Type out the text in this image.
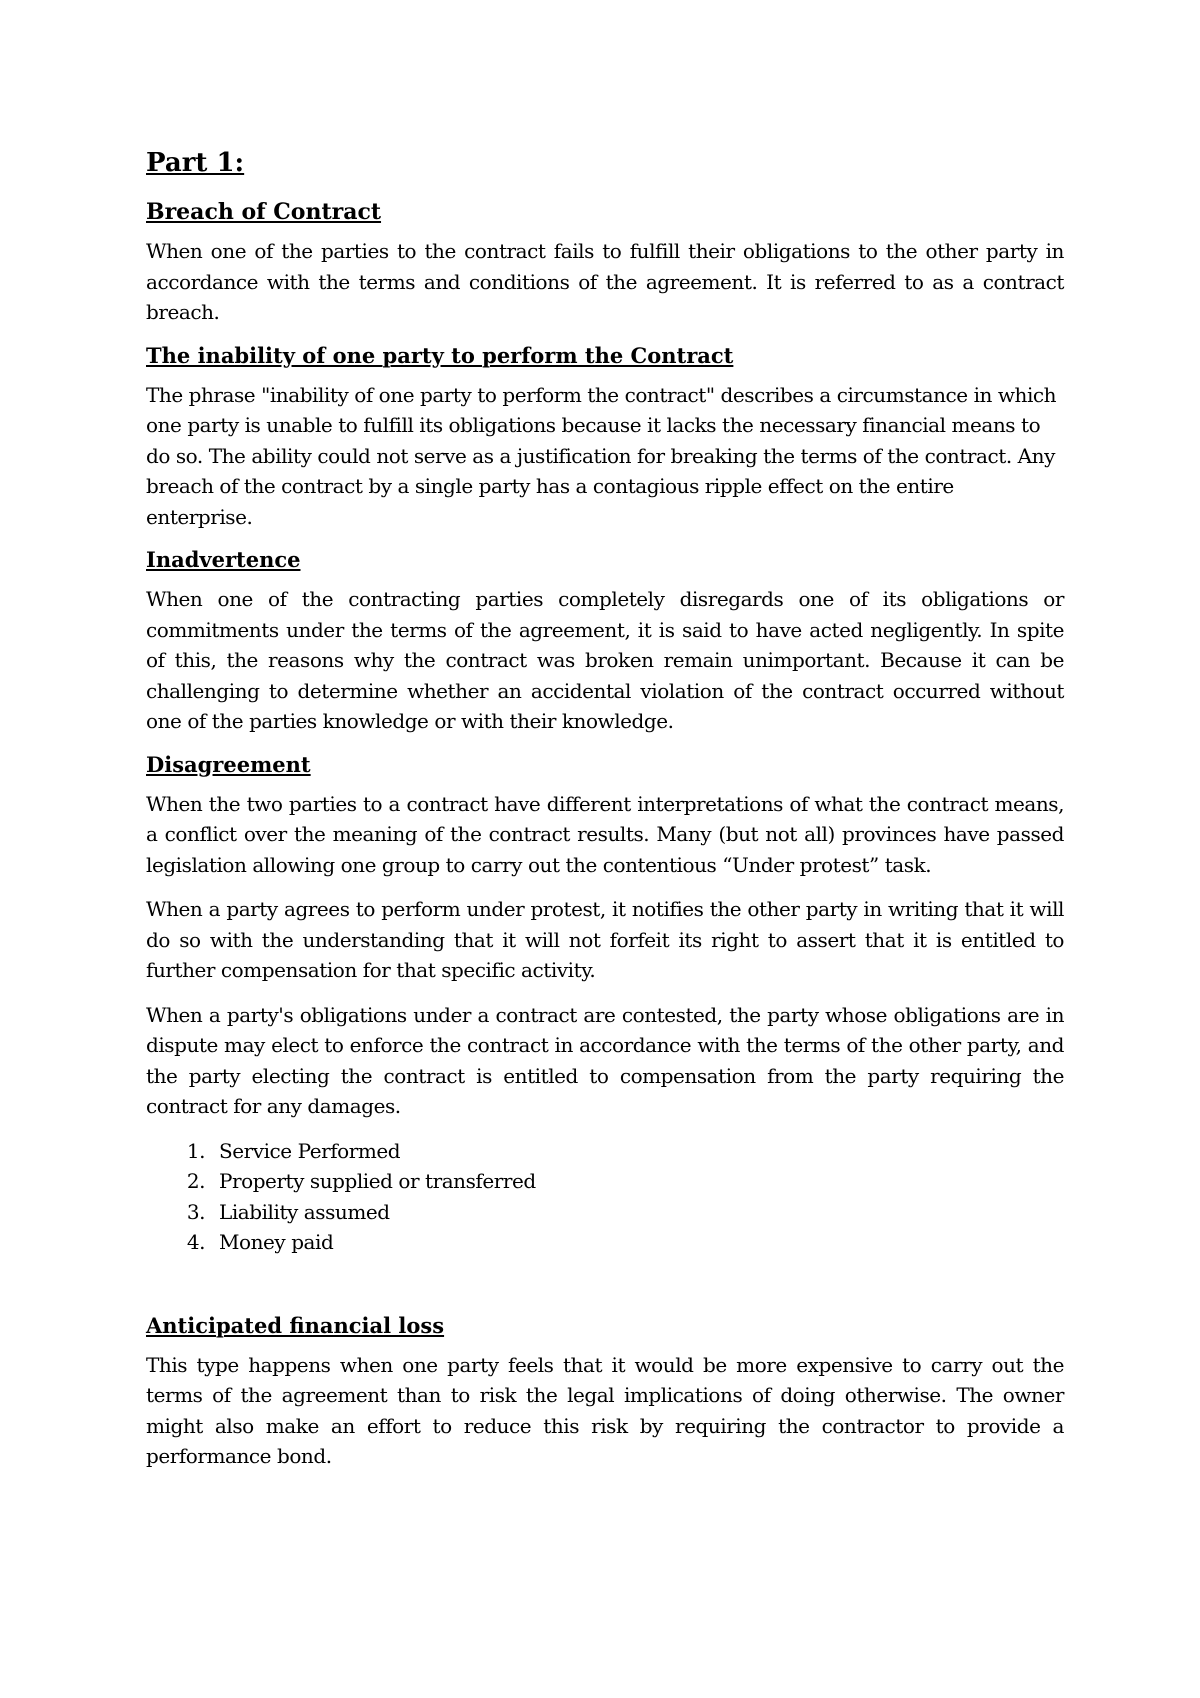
Part 1:
Breach of Contract

When one of the parties to the contract fails to fulfill their obligations to the other party in accordance with the terms and conditions of the agreement. It is referred to as a contract breach.

The inability of one party to perform the Contract

The phrase "inability of one party to perform the contract" describes a circumstance in which one party is unable to fulfill its obligations because it lacks the necessary financial means to do so. The ability could not serve as a justification for breaking the terms of the contract. Any breach of the contract by a single party has a contagious ripple effect on the entire enterprise.

Inadvertence

When one of the contracting parties completely disregards one of its obligations or commitments under the terms of the agreement, it is said to have acted negligently. In spite of this, the reasons why the contract was broken remain unimportant. Because it can be challenging to determine whether an accidental violation of the contract occurred without one of the parties knowledge or with their knowledge.

Disagreement

When the two parties to a contract have different interpretations of what the contract means, a conflict over the meaning of the contract results. Many (but not all) provinces have passed legislation allowing one group to carry out the contentious “Under protest” task.

When a party agrees to perform under protest, it notifies the other party in writing that it will do so with the understanding that it will not forfeit its right to assert that it is entitled to further compensation for that specific activity.

When a party's obligations under a contract are contested, the party whose obligations are in dispute may elect to enforce the contract in accordance with the terms of the other party, and the party electing the contract is entitled to compensation from the party requiring the contract for any damages.

1. Service Performed
2. Property supplied or transferred
3. Liability assumed
4. Money paid
Anticipated financial loss

This type happens when one party feels that it would be more expensive to carry out the terms of the agreement than to risk the legal implications of doing otherwise. The owner might also make an effort to reduce this risk by requiring the contractor to provide a performance bond.
